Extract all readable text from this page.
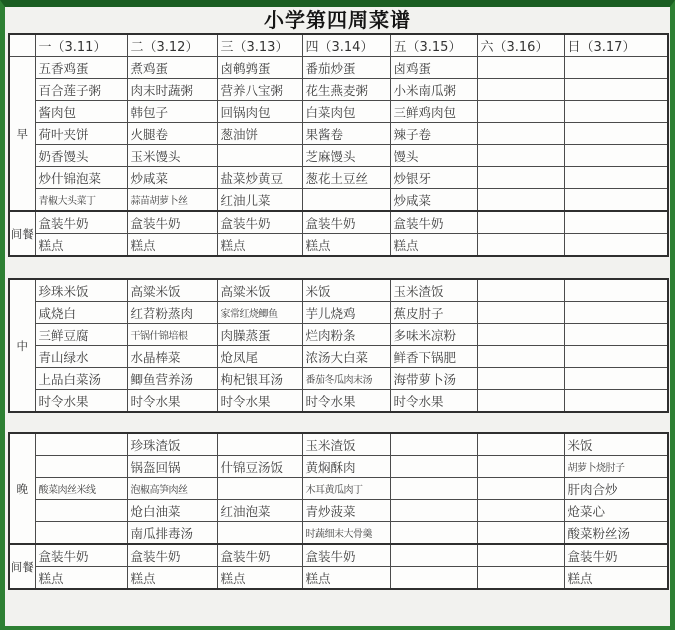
小学第四周菜谱
	一（3.11）	二（3.12）	三（3.13）	四（3.14）	五（3.15）	六（3.16）	日（3.17）
早	五香鸡蛋	煮鸡蛋	卤鹌鹑蛋	番茄炒蛋	卤鸡蛋		
	百合莲子粥	肉末时蔬粥	营养八宝粥	花生燕麦粥	小米南瓜粥		
	酱肉包	韩包子	回锅肉包	白菜肉包	三鲜鸡肉包		
	荷叶夹饼	火腿卷	葱油饼	果酱卷	辣子卷		
	奶香馒头	玉米馒头		芝麻馒头	馒头		
	炒什锦泡菜	炒咸菜	盐菜炒黄豆	葱花土豆丝	炒银牙		
	青椒大头菜丁	蒜苗胡萝卜丝	红油儿菜		炒咸菜		
间餐	盒装牛奶	盒装牛奶	盒装牛奶	盒装牛奶	盒装牛奶		
	糕点	糕点	糕点	糕点	糕点		
中	珍珠米饭	高粱米饭	高粱米饭	米饭	玉米渣饭		
	咸烧白	红苕粉蒸肉	家常红烧鲫鱼	芋儿烧鸡	蕉皮肘子		
	三鲜豆腐	干锅什锦培根	肉臊蒸蛋	烂肉粉条	多味米凉粉		
	青山绿水	水晶棒菜	炝凤尾	浓汤大白菜	鲜香下锅肥		
	上品白菜汤	鲫鱼营养汤	枸杞银耳汤	番茄冬瓜肉末汤	海带萝卜汤		
	时令水果	时令水果	时令水果	时令水果	时令水果		
晚		珍珠渣饭		玉米渣饭			米饭
		锅盔回锅	什锦豆汤饭	黄焖酥肉			胡萝卜烧肘子
	酸菜肉丝米线	泡椒高笋肉丝		木耳黄瓜肉丁			肝肉合炒
		炝白油菜	红油泡菜	青炒菠菜			炝菜心
		南瓜排毒汤		时蔬细末大骨羹			酸菜粉丝汤
间餐	盒装牛奶	盒装牛奶	盒装牛奶	盒装牛奶			盒装牛奶
	糕点	糕点	糕点	糕点			糕点
